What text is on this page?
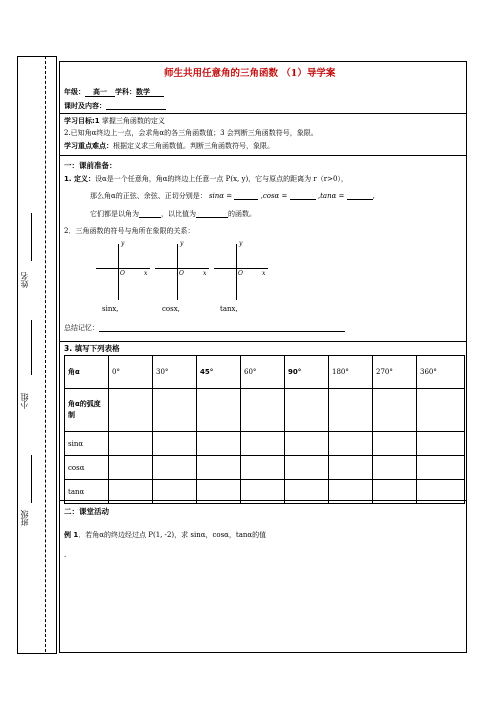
姓名
小组
班级
师生共用任意角的三角函数 （1）导学案
年级： 高一 学科：数学
课时及内容：
学习目标:1 掌握三角函数的定义
2.已知角α终边上一点，会求角α的各三角函数值；3 会判断三角函数符号，象限。
学习重点难点：根据定义求三角函数值。判断三角函数符号，象限。
一：课前准备：
1. 定义：设α是一个任意角，角α的终边上任意一点 P(x, y)，它与原点的距离为 r（r>0），
那么角α的正弦、余弦、正切分别是： sinα =	,cosα =	,tanα =	,
它们都是以角为	，以比值为	的函数。
2．三角函数的符号与角所在象限的关系：
y
x
O
sinx,
y
x
O
cosx,
y
x
O
tanx,
总结记忆：
3. 填写下列表格
角α	0°	30°	45°	60°	90°	180°	270°	360°
角α的弧度制								
sinα								
cosα								
tanα								
二：课堂活动
例 1．若角α的终边经过点 P(1, -2)，求 sinα，cosα，tanα的值
.
